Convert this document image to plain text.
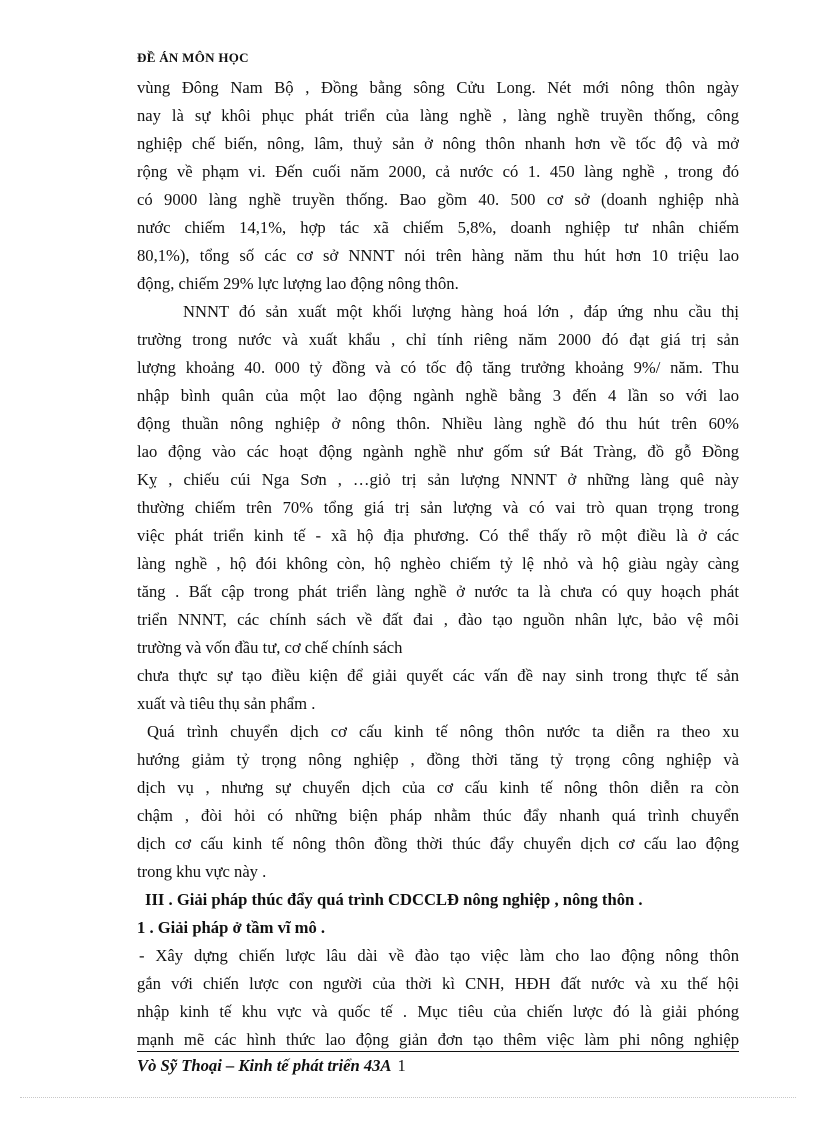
ĐỀ ÁN MÔN HỌC
vùng Đông Nam Bộ , Đồng bằng sông Cửu Long. Nét mới nông thôn ngày
nay là sự khôi phục phát triển của làng nghề , làng nghề truyền thống, công
nghiệp chế biến, nông, lâm, thuỷ sản ở nông thôn nhanh hơn về tốc độ và mở
rộng về phạm vi. Đến cuối năm 2000, cả nước có 1. 450 làng nghề , trong đó
có 9000 làng nghề truyền thống. Bao gồm 40. 500 cơ sở (doanh nghiệp nhà
nước chiếm 14,1%, hợp tác xã chiếm 5,8%, doanh nghiệp tư nhân chiếm
80,1%), tổng số các cơ sở NNNT nói trên hàng năm thu hút hơn 10 triệu lao
động, chiếm 29% lực lượng lao động nông thôn.
NNNT đó sản xuất một khối lượng hàng hoá lớn , đáp ứng nhu cầu thị
trường trong nước và xuất khẩu , chỉ tính riêng năm 2000 đó đạt giá trị sản
lượng khoảng 40. 000 tỷ đồng và có tốc độ tăng trưởng khoảng 9%/ năm. Thu
nhập bình quân của một lao động ngành nghề bằng 3 đến 4 lần so với lao
động thuần nông nghiệp ở nông thôn. Nhiều làng nghề đó thu hút trên 60%
lao động vào các hoạt động ngành nghề như gốm sứ Bát Tràng, đồ gỗ Đồng
Kỵ , chiếu cúi Nga Sơn , …giỏ trị sản lượng NNNT ở những làng quê này
thường chiếm trên 70% tổng giá trị sản lượng và có vai trò quan trọng trong
việc phát triển kinh tế - xã hộ địa phương. Có thể thấy rõ một điều là ở các
làng nghề , hộ đói không còn, hộ nghèo chiếm tỷ lệ nhỏ và hộ giàu ngày càng
tăng . Bất cập trong phát triển làng nghề ở nước ta là chưa có quy hoạch phát
triển NNNT, các chính sách về đất đai , đào tạo nguồn nhân lực, bảo vệ môi
trường và vốn đầu tư, cơ chế chính sách
chưa thực sự tạo điều kiện để giải quyết các vấn đề nay sinh trong thực tế sản
xuất và tiêu thụ sản phẩm .
Quá trình chuyển dịch cơ cấu kinh tế nông thôn nước ta diễn ra theo xu
hướng giảm tỷ trọng nông nghiệp , đồng thời tăng tỷ trọng công nghiệp và
dịch vụ , nhưng sự chuyển dịch của cơ cấu kinh tế nông thôn diễn ra còn
chậm , đòi hỏi có những biện pháp nhằm thúc đẩy nhanh quá trình chuyển
dịch cơ cấu kinh tế nông thôn đồng thời thúc đẩy chuyển dịch cơ cấu lao động
trong khu vực này .
III . Giải pháp thúc đẩy quá trình CDCCLĐ nông nghiệp , nông thôn .
1 . Giải pháp ở tầm vĩ mô .
- Xây dựng chiến lược lâu dài về đào tạo việc làm cho lao động nông thôn
gắn với chiến lược con người của thời kì CNH, HĐH đất nước và xu thế hội
nhập kinh tế khu vực và quốc tế . Mục tiêu của chiến lược đó là giải phóng
mạnh mẽ các hình thức lao động giản đơn tạo thêm việc làm phi nông nghiệp
Vò Sỹ Thoại – Kinh tế phát triển 43A 1
